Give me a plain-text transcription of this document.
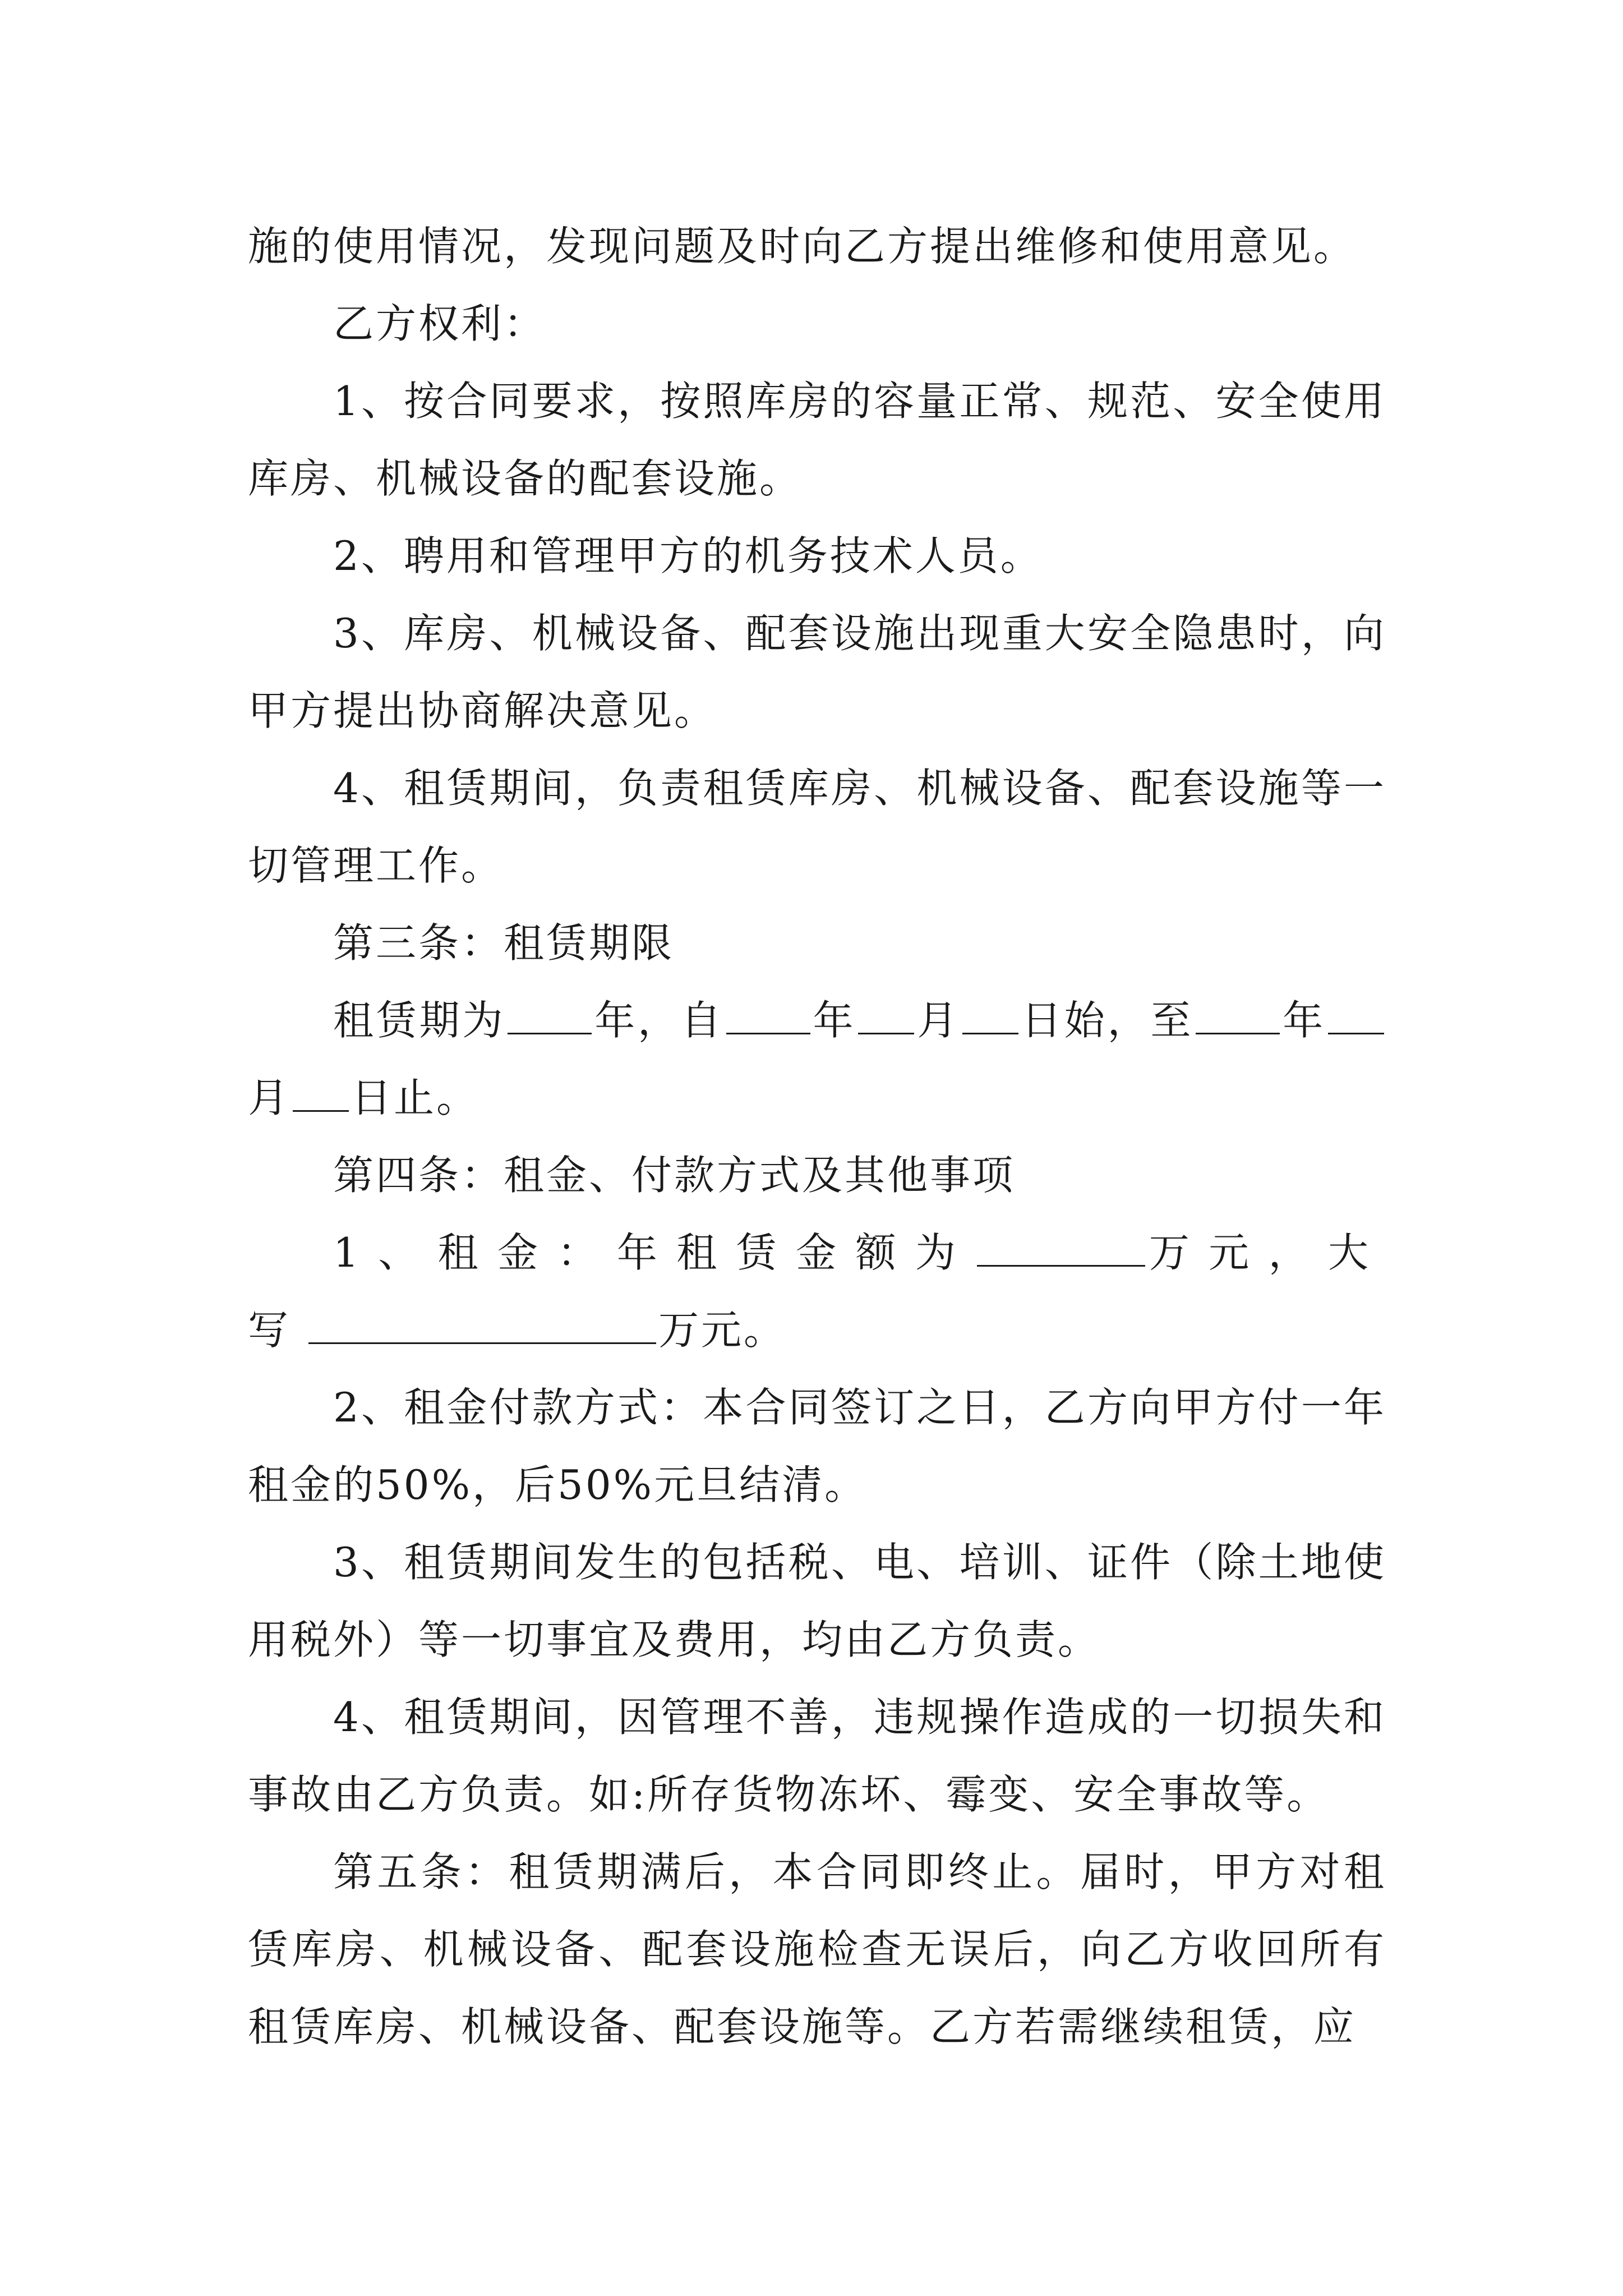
施的使用情况，发现问题及时向乙方提出维修和使用意见。

乙方权利：

1、按合同要求，按照库房的容量正常、规范、安全使用库房、机械设备的配套设施。

2、聘用和管理甲方的机务技术人员。

3、库房、机械设备、配套设施出现重大安全隐患时，向甲方提出协商解决意见。

4、租赁期间，负责租赁库房、机械设备、配套设施等一切管理工作。

第三条：租赁期限

租赁期为 年，自 年 月 日始，至 年月 日止。

第四条：租金、付款方式及其他事项

1、租金：年租赁金额为	万元，大写	万元。

2、租金付款方式：本合同签订之日，乙方向甲方付一年租金的50%，后50%元旦结清。

3、租赁期间发生的包括税、电、培训、证件（除土地使用税外）等一切事宜及费用，均由乙方负责。

4、租赁期间，因管理不善，违规操作造成的一切损失和事故由乙方负责。如:所存货物冻坏、霉变、安全事故等。

第五条：租赁期满后，本合同即终止。届时，甲方对租赁库房、机械设备、配套设施检查无误后，向乙方收回所有租赁库房、机械设备、配套设施等。乙方若需继续租赁，应
